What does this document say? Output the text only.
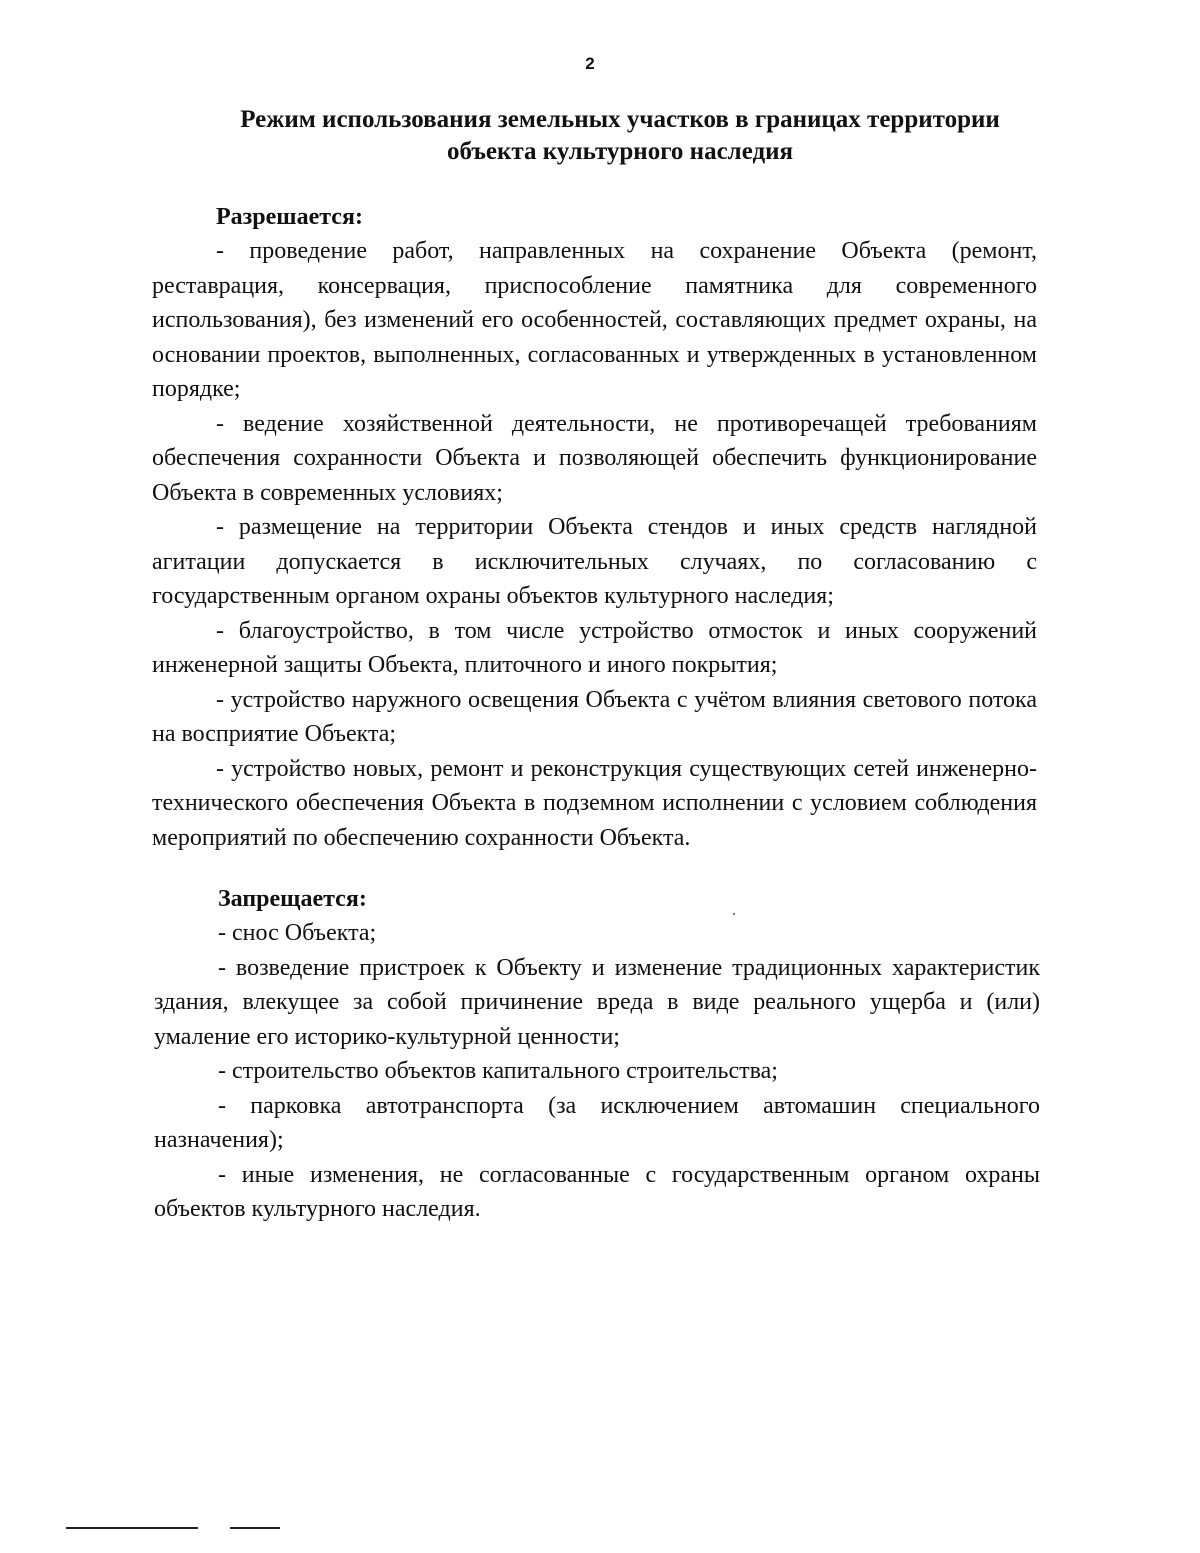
2
Режим использования земельных участков в границах территории
объекта культурного наследия
Разрешается:

- проведение работ, направленных на сохранение Объекта (ремонт, реставрация, консервация, приспособление памятника для современного использования), без изменений его особенностей, составляющих предмет охраны, на основании проектов, выполненных, согласованных и утвержденных в установленном порядке;

- ведение хозяйственной деятельности, не противоречащей требованиям обеспечения сохранности Объекта и позволяющей обеспечить функционирование Объекта в современных условиях;

- размещение на территории Объекта стендов и иных средств наглядной агитации допускается в исключительных случаях, по согласованию с государственным органом охраны объектов культурного наследия;

- благоустройство, в том числе устройство отмосток и иных сооружений инженерной защиты Объекта, плиточного и иного покрытия;

- устройство наружного освещения Объекта с учётом влияния светового потока на восприятие Объекта;

- устройство новых, ремонт и реконструкция существующих сетей инженерно-технического обеспечения Объекта в подземном исполнении с условием соблюдения мероприятий по обеспечению сохранности Объекта.

Запрещается:

- снос Объекта;

- возведение пристроек к Объекту и изменение традиционных характеристик здания, влекущее за собой причинение вреда в виде реального ущерба и (или) умаление его историко-культурной ценности;

- строительство объектов капитального строительства;

- парковка автотранспорта (за исключением автомашин специального назначения);

- иные изменения, не согласованные с государственным органом охраны объектов культурного наследия.
